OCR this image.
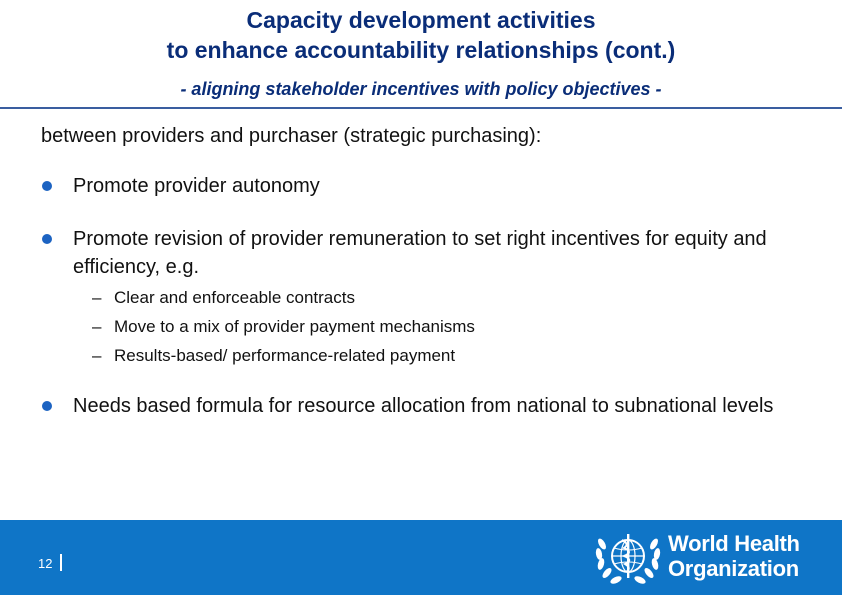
Capacity development activities
to enhance accountability relationships (cont.)
- aligning stakeholder incentives with policy objectives -
between providers and purchaser (strategic purchasing):
Promote provider autonomy
Promote revision of provider remuneration to set right incentives for equity and efficiency, e.g.
– Clear and enforceable contracts
– Move to a mix of provider payment mechanisms
– Results-based/ performance-related payment
Needs based formula for resource allocation from national to subnational levels
12
World Health
Organization
